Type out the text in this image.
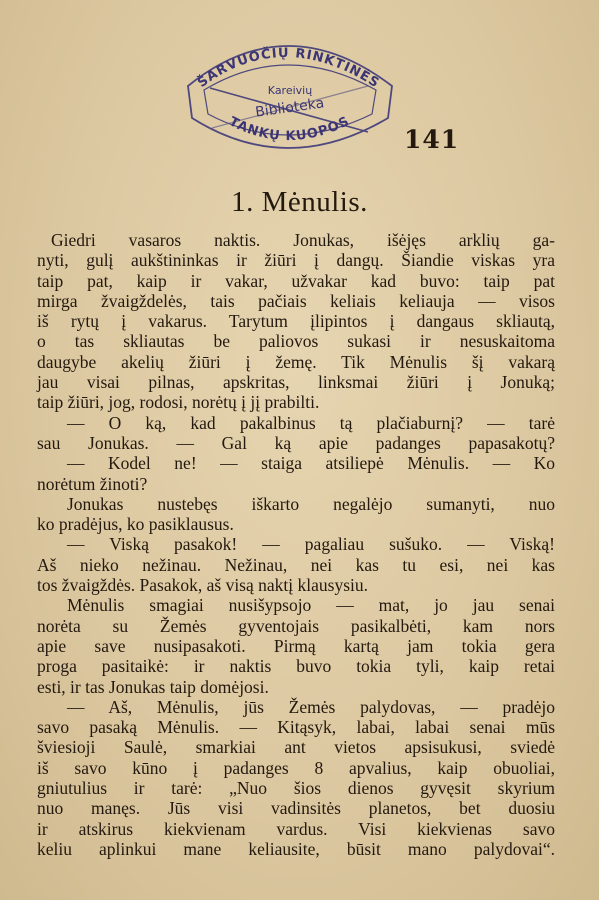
ŠARVUOČIŲ RINKTINĖS
Kareivių
Biblioteka
TANKŲ KUOPOS
141
1. Mėnulis.
Giedri vasaros naktis. Jonukas, išėjęs arklių ga-
nyti, gulį aukštininkas ir žiūri į dangų. Šiandie viskas yra
taip pat, kaip ir vakar, užvakar kad buvo: taip pat
mirga žvaigždelės, tais pačiais keliais keliauja — visos
iš rytų į vakarus. Tarytum įlipintos į dangaus skliautą,
o tas skliautas be paliovos sukasi ir nesuskaitoma
daugybe akelių žiūri į žemę. Tik Mėnulis šį vakarą
jau visai pilnas, apskritas, linksmai žiūri į Jonuką;
taip žiūri, jog, rodosi, norėtų į jį prabilti.
— O ką, kad pakalbinus tą plačiaburnį? — tarė
sau Jonukas. — Gal ką apie padanges papasakotų?
— Kodel ne! — staiga atsiliepė Mėnulis. — Ko
norėtum žinoti?
Jonukas nustebęs iškarto negalėjo sumanyti, nuo
ko pradėjus, ko pasiklausus.
— Viską pasakok! — pagaliau sušuko. — Viską!
Aš nieko nežinau. Nežinau, nei kas tu esi, nei kas
tos žvaigždės. Pasakok, aš visą naktį klausysiu.
Mėnulis smagiai nusišypsojo — mat, jo jau senai
norėta su Žemės gyventojais pasikalbėti, kam nors
apie save nusipasakoti. Pirmą kartą jam tokia gera
proga pasitaikė: ir naktis buvo tokia tyli, kaip retai
esti, ir tas Jonukas taip domėjosi.
— Aš, Mėnulis, jūs Žemės palydovas, — pradėjo
savo pasaką Mėnulis. — Kitąsyk, labai, labai senai mūs
šviesioji Saulė, smarkiai ant vietos apsisukusi, sviedė
iš savo kūno į padanges 8 apvalius, kaip obuoliai,
gniutulius ir tarė: „Nuo šios dienos gyvęsit skyrium
nuo manęs. Jūs visi vadinsitės planetos, bet duosiu
ir atskirus kiekvienam vardus. Visi kiekvienas savo
keliu aplinkui mane keliausite, būsit mano palydovai“.
